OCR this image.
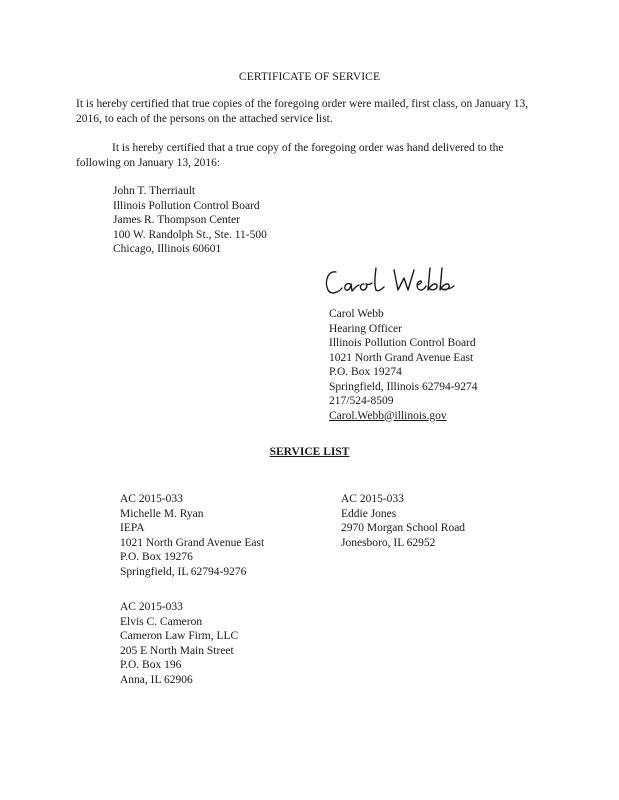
CERTIFICATE OF SERVICE
It is hereby certified that true copies of the foregoing order were mailed, first class, on January 13, 2016, to each of the persons on the attached service list.
It is hereby certified that a true copy of the foregoing order was hand delivered to the following on January 13, 2016:
John T. Therriault
Illinois Pollution Control Board
James R. Thompson Center
100 W. Randolph St., Ste. 11-500
Chicago, Illinois 60601
Carol Webb
Hearing Officer
Illinois Pollution Control Board
1021 North Grand Avenue East
P.O. Box 19274
Springfield, Illinois 62794-9274
217/524-8509
Carol.Webb@illinois.gov
SERVICE LIST
AC 2015-033
Michelle M. Ryan
IEPA
1021 North Grand Avenue East
P.O. Box 19276
Springfield, IL 62794-9276
AC 2015-033
Eddie Jones
2970 Morgan School Road
Jonesboro, IL 62952
AC 2015-033
Elvis C. Cameron
Cameron Law Firm, LLC
205 E North Main Street
P.O. Box 196
Anna, IL 62906
